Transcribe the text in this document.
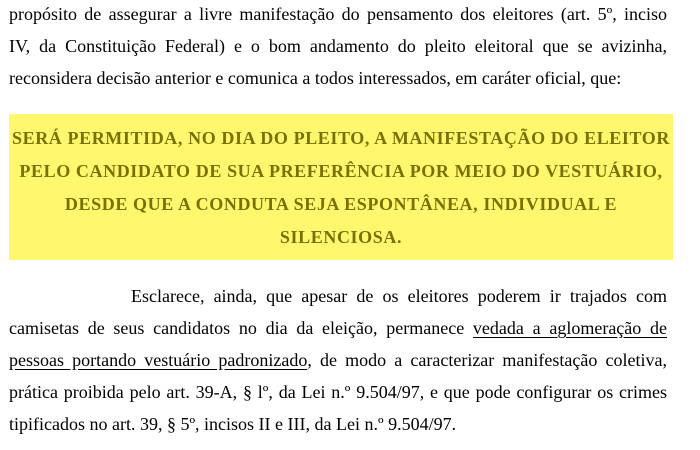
propósito de assegurar a livre manifestação do pensamento dos eleitores (art. 5º, inciso
IV, da Constituição Federal) e o bom andamento do pleito eleitoral que se avizinha,
reconsidera decisão anterior e comunica a todos interessados, em caráter oficial, que:
SERÁ PERMITIDA, NO DIA DO PLEITO, A MANIFESTAÇÃO DO ELEITOR
PELO CANDIDATO DE SUA PREFERÊNCIA POR MEIO DO VESTUÁRIO,
DESDE QUE A CONDUTA SEJA ESPONTÂNEA, INDIVIDUAL E
SILENCIOSA.
Esclarece, ainda, que apesar de os eleitores poderem ir trajados com
camisetas de seus candidatos no dia da eleição, permanece vedada a aglomeração de
pessoas portando vestuário padronizado, de modo a caracterizar manifestação coletiva,
prática proibida pelo art. 39-A, § lº, da Lei n.º 9.504/97, e que pode configurar os crimes
tipificados no art. 39, § 5º, incisos II e III, da Lei n.º 9.504/97.
